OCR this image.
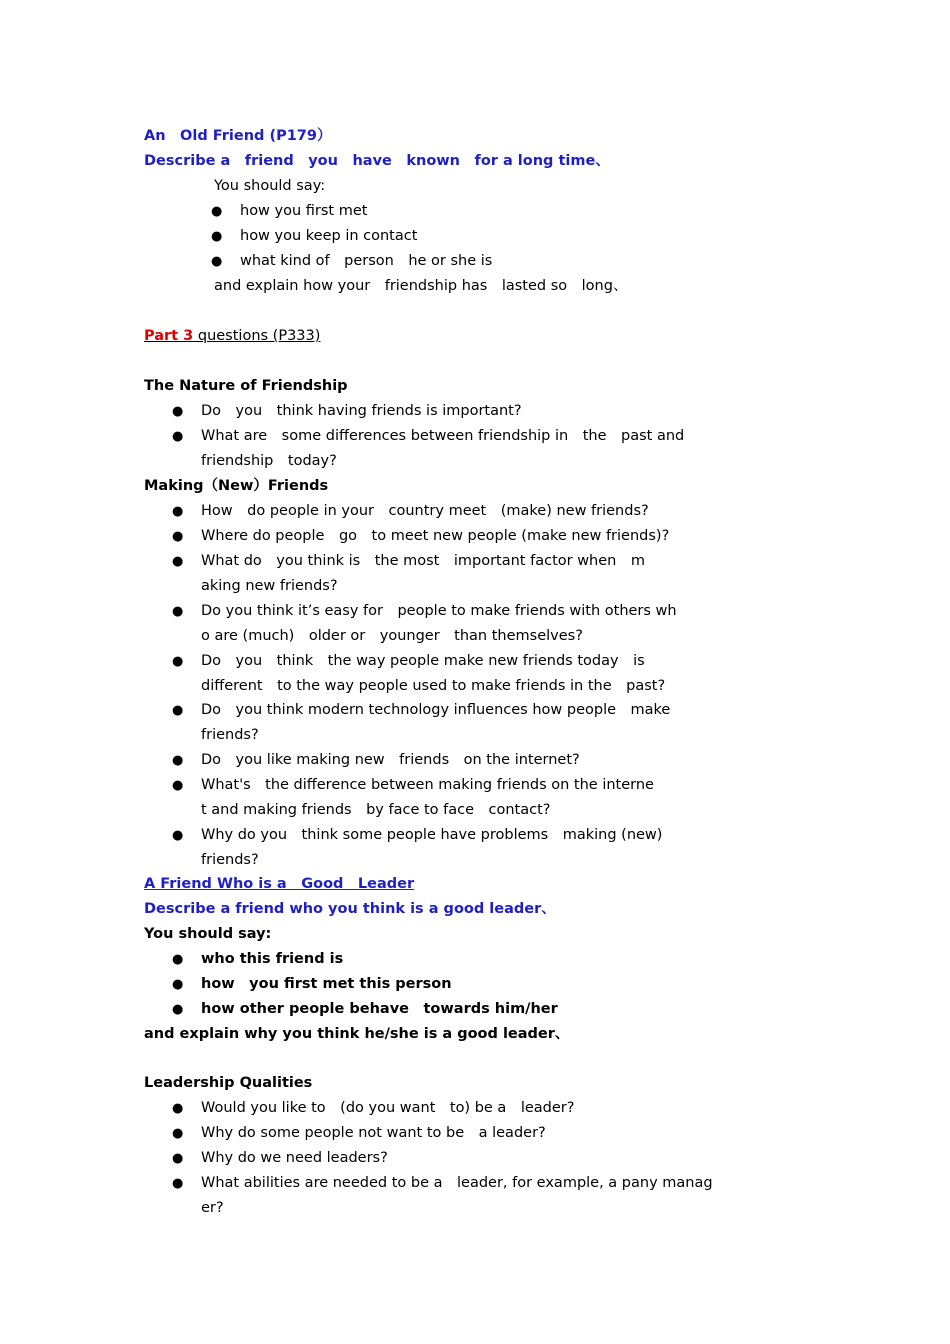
An　Old Friend (P179）
Describe a　friend　you　have　known　for a long time、
You should say:
● how you first met
● how you keep in contact
● what kind of　person　he or she is
and explain how your　friendship has　lasted so　long、
Part 3 questions (P333)
The Nature of Friendship
● Do　you　think having friends is important?
● What are　some differences between friendship in　the　past and
friendship　today?
Making（New）Friends
● How　do people in your　country meet　(make) new friends?
● Where do people　go　to meet new people (make new friends)?
● What do　you think is　the most　important factor when　m
aking new friends?
● Do you think it’s easy for　people to make friends with others wh
o are (much)　older or　younger　than themselves?
● Do　you　think　the way people make new friends today　is
different　to the way people used to make friends in the　past?
● Do　you think modern technology influences how people　make
friends?
● Do　you like making new　friends　on the internet?
● What's　the difference between making friends on the interne
t and making friends　by face to face　contact?
● Why do you　think some people have problems　making (new)
friends?
A Friend Who is a　Good　Leader
Describe a friend who you think is a good leader、
You should say:
● who this friend is
● how　you first met this person
● how other people behave　towards him/her
and explain why you think he/she is a good leader、
Leadership Qualities
● Would you like to　(do you want　to) be a　leader?
● Why do some people not want to be　a leader?
● Why do we need leaders?
● What abilities are needed to be a　leader, for example, a pany manag
er?
